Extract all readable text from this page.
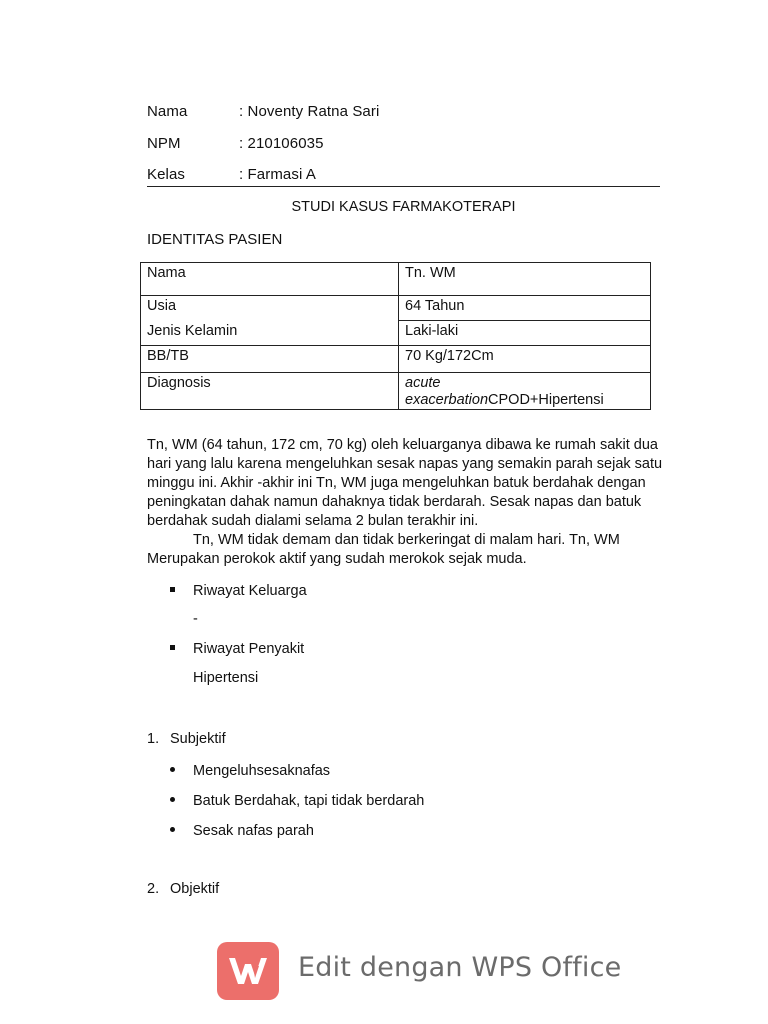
Nama	: Noventy Ratna Sari
NPM	: 210106035
Kelas	: Farmasi A
STUDI KASUS FARMAKOTERAPI
IDENTITAS PASIEN
Nama	Tn. WM
Usia	64 Tahun
Jenis Kelamin	Laki-laki
BB/TB	70 Kg/172Cm
Diagnosis	acute
exacerbationCPOD+Hipertensi

Tn, WM (64 tahun, 172 cm, 70 kg) oleh keluarganya dibawa ke rumah sakit dua hari yang lalu karena mengeluhkan sesak napas yang semakin parah sejak satu minggu ini. Akhir -akhir ini Tn, WM juga mengeluhkan batuk berdahak dengan peningkatan dahak namun dahaknya tidak berdarah. Sesak napas dan batuk berdahak sudah dialami selama 2 bulan terakhir ini.

Tn, WM tidak demam dan tidak berkeringat di malam hari. Tn, WM Merupakan perokok aktif yang sudah merokok sejak muda.

Riwayat Keluarga
-
Riwayat Penyakit
Hipertensi
1. Subjektif
Mengeluhsesaknafas
Batuk Berdahak, tapi tidak berdarah
Sesak nafas parah
2. Objektif
Edit dengan WPS Office
